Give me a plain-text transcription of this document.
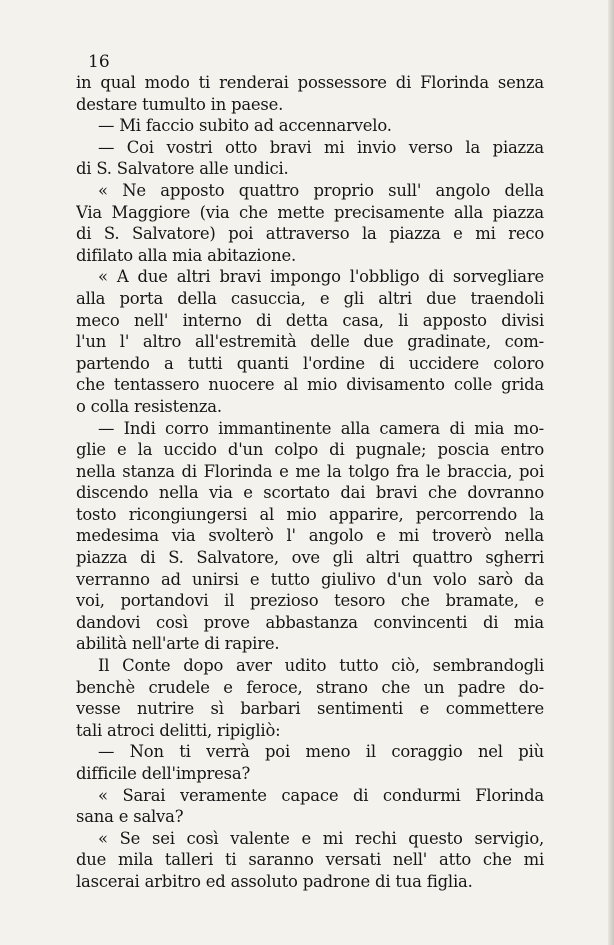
16
in qual modo ti renderai possessore di Florinda senza
destare tumulto in paese.
— Mi faccio subito ad accennarvelo.
— Coi vostri otto bravi mi invio verso la piazza
di S. Salvatore alle undici.
« Ne apposto quattro proprio sull' angolo della
Via Maggiore (via che mette precisamente alla piazza
di S. Salvatore) poi attraverso la piazza e mi reco
difilato alla mia abitazione.
« A due altri bravi impongo l'obbligo di sorvegliare
alla porta della casuccia, e gli altri due traendoli
meco nell' interno di detta casa, li apposto divisi
l'un l' altro all'estremità delle due gradinate, com-
partendo a tutti quanti l'ordine di uccidere coloro
che tentassero nuocere al mio divisamento colle grida
o colla resistenza.
— Indi corro immantinente alla camera di mia mo-
glie e la uccido d'un colpo di pugnale; poscia entro
nella stanza di Florinda e me la tolgo fra le braccia, poi
discendo nella via e scortato dai bravi che dovranno
tosto ricongiungersi al mio apparire, percorrendo la
medesima via svolterò l' angolo e mi troverò nella
piazza di S. Salvatore, ove gli altri quattro sgherri
verranno ad unirsi e tutto giulivo d'un volo sarò da
voi, portandovi il prezioso tesoro che bramate, e
dandovi così prove abbastanza convincenti di mia
abilità nell'arte di rapire.
Il Conte dopo aver udito tutto ciò, sembrandogli
benchè crudele e feroce, strano che un padre do-
vesse nutrire sì barbari sentimenti e commettere
tali atroci delitti, ripigliò:
— Non ti verrà poi meno il coraggio nel più
difficile dell'impresa?
« Sarai veramente capace di condurmi Florinda
sana e salva?
« Se sei così valente e mi rechi questo servigio,
due mila talleri ti saranno versati nell' atto che mi
lascerai arbitro ed assoluto padrone di tua figlia.
